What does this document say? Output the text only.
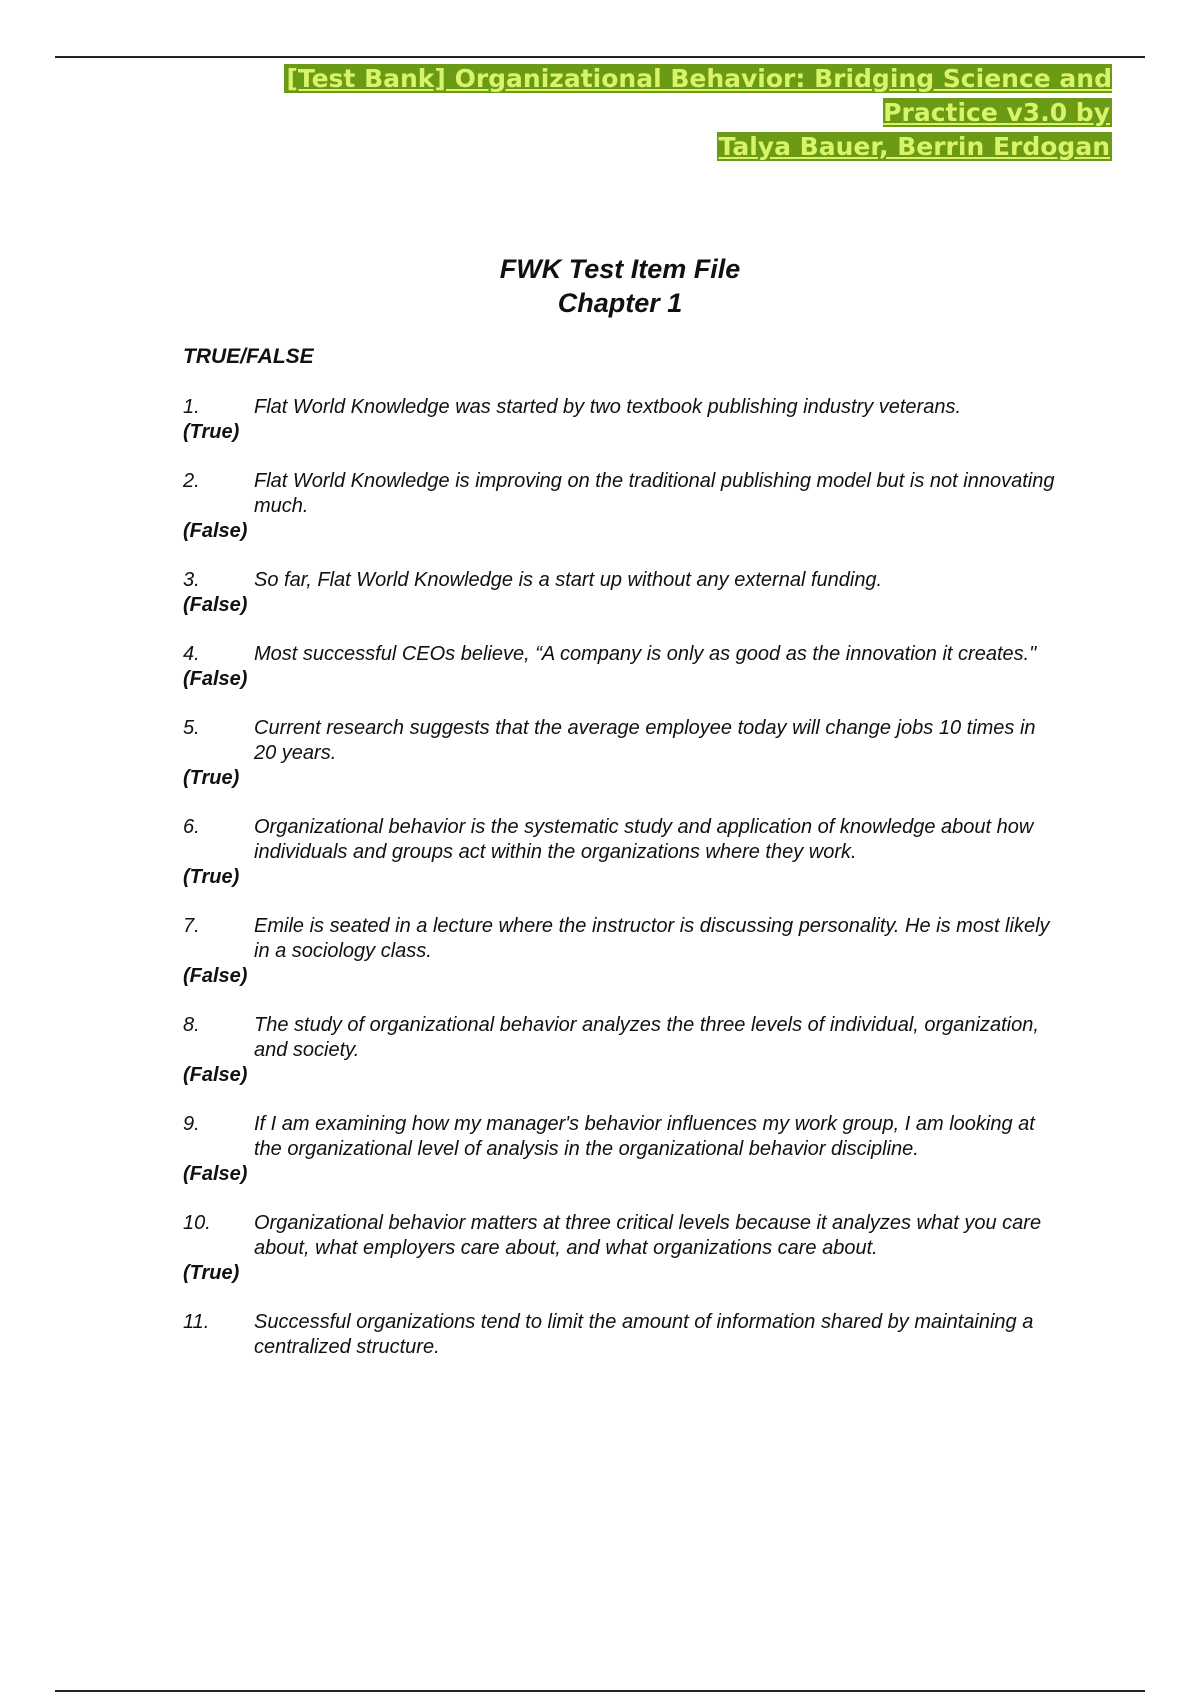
[Test Bank] Organizational Behavior: Bridging Science and Practice v3.0 by
Talya Bauer, Berrin Erdogan
FWK Test Item File
Chapter 1
TRUE/FALSE
1.	Flat World Knowledge was started by two textbook publishing industry veterans.
(True)
2.	Flat World Knowledge is improving on the traditional publishing model but is not innovating much.
(False)
3.	So far, Flat World Knowledge is a start up without any external funding.
(False)
4.	Most successful CEOs believe, “A company is only as good as the innovation it creates."
(False)
5.	Current research suggests that the average employee today will change jobs 10 times in 20 years.
(True)
6.	Organizational behavior is the systematic study and application of knowledge about how individuals and groups act within the organizations where they work.
(True)
7.	Emile is seated in a lecture where the instructor is discussing personality. He is most likely in a sociology class.
(False)
8.	The study of organizational behavior analyzes the three levels of individual, organization, and society.
(False)
9.	If I am examining how my manager's behavior influences my work group, I am looking at the organizational level of analysis in the organizational behavior discipline.
(False)
10.	Organizational behavior matters at three critical levels because it analyzes what you care about, what employers care about, and what organizations care about.
(True)
11.	Successful organizations tend to limit the amount of information shared by maintaining a centralized structure.
